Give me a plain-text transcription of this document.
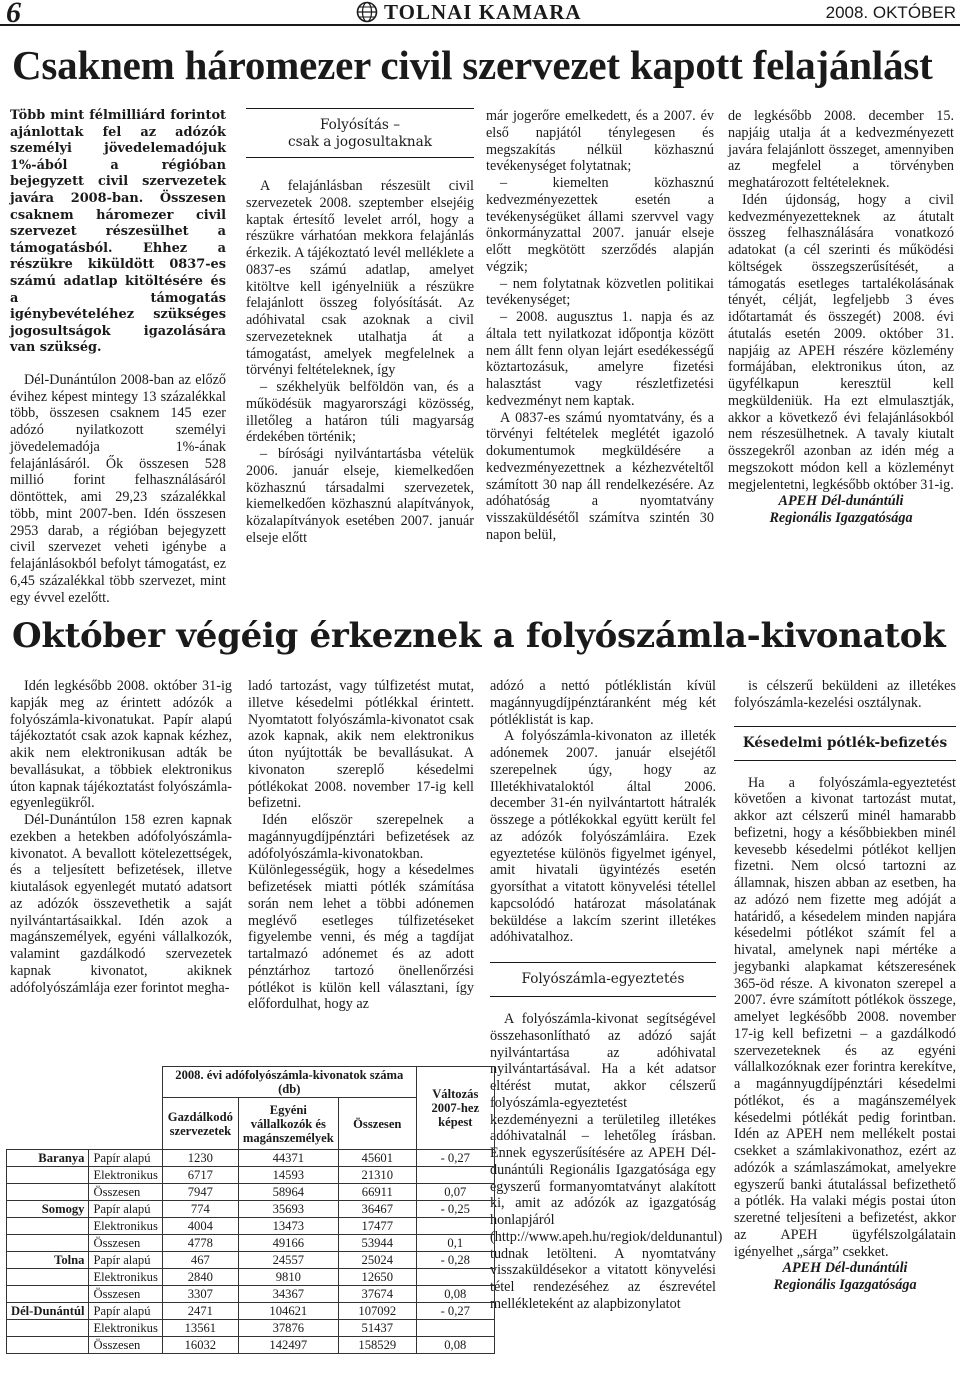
6	TOLNAI KAMARA	2008. OKTÓBER
Csaknem háromezer civil szervezet kapott felajánlást

Több mint félmilliárd forintot ajánlottak fel az adózók személyi jövedelemadójuk 1%-ából a régióban bejegyzett civil szervezetek javára 2008-ban. Összesen csaknem háromezer civil szervezet részesülhet a támogatásból. Ehhez a részükre kiküldött 0837-es számú adatlap kitöltésére és a támogatás igénybevételéhez szükséges jogosultságok igazolására van szükség.

Dél-Dunántúlon 2008-ban az előző évihez képest mintegy 13 százalékkal több, összesen csaknem 145 ezer adózó nyilatkozott személyi jövedelemadója 1%-ának felajánlásáról. Ők összesen 528 millió forint felhasználásáról döntöttek, ami 29,23 százalékkal több, mint 2007-ben. Idén összesen 2953 darab, a régióban bejegyzett civil szervezet veheti igénybe a felajánlásokból befolyt támogatást, ez 6,45 százalékkal több szervezet, mint egy évvel ezelőtt.

Folyósítás –
csak a jogosultaknak

A felajánlásban részesült civil szervezetek 2008. szeptember elsejéig kaptak értesítő levelet arról, hogy a részükre várhatóan mekkora felajánlás érkezik. A tájékoztató levél melléklete a 0837-es számú adatlap, amelyet kitöltve kell igényelniük a részükre felajánlott összeg folyósítását. Az adóhivatal csak azoknak a civil szervezeteknek utalhatja át a támogatást, amelyek megfelelnek a törvényi feltételeknek, így

– székhelyük belföldön van, és a működésük magyarországi közösség, illetőleg a határon túli magyarság érdekében történik;

– bírósági nyilvántartásba vételük 2006. január elseje, kiemelkedően közhasznú társadalmi szervezetek, kiemelkedően közhasznú alapítványok, közalapítványok esetében 2007. január elseje előtt

már jogerőre emelkedett, és a 2007. év első napjától ténylegesen és megszakítás nélkül közhasznú tevékenységet folytatnak;

– kiemelten közhasznú kedvezményezettek esetén a tevékenységüket állami szervvel vagy önkormányzattal 2007. január elseje előtt megkötött szerződés alapján végzik;

– nem folytatnak közvetlen politikai tevékenységet;

– 2008. augusztus 1. napja és az általa tett nyilatkozat időpontja között nem állt fenn olyan lejárt esedékességű köztartozásuk, amelyre fizetési halasztást vagy részletfizetési kedvezményt nem kaptak.

A 0837-es számú nyomtatvány, és a törvényi feltételek meglétét igazoló dokumentumok megküldésére a kedvezményezettnek a kézhezvételtől számított 30 nap áll rendelkezésére. Az adóhatóság a nyomtatvány visszaküldésétől számítva szintén 30 napon belül,

de legkésőbb 2008. december 15. napjáig utalja át a kedvezményezett javára felajánlott összeget, amennyiben az megfelel a törvényben meghatározott feltételeknek.

Idén újdonság, hogy a civil kedvezményezetteknek az átutalt összeg felhasználására vonatkozó adatokat (a cél szerinti és működési költségek összegszerűsítését, a támogatás esetleges tartalékolásának tényét, célját, legfeljebb 3 éves időtartamát és összegét) 2008. évi átutalás esetén 2009. október 31. napjáig az APEH részére közlemény formájában, elektronikus úton, az ügyfélkapun keresztül kell megküldeniük. Ha ezt elmulasztják, akkor a következő évi felajánlásokból nem részesülhetnek. A tavaly kiutalt összegekről azonban az idén még a megszokott módon kell a közleményt megjelentetni, legkésőbb október 31-ig.

APEH Dél-dunántúli

Regionális Igazgatósága

Október végéig érkeznek a folyószámla-kivonatok

Idén legkésőbb 2008. október 31-ig kapják meg az érintett adózók a folyószámla-kivonatukat. Papír alapú tájékoztatót csak azok kapnak kézhez, akik nem elektronikusan adták be bevallásukat, a többiek elektronikus úton kapnak tájékoztatást folyószámla-egyenlegükről.

Dél-Dunántúlon 158 ezren kapnak ezekben a hetekben adófolyószámla-kivonatot. A bevallott kötelezettségek, és a teljesített befizetések, illetve kiutalások egyenlegét mutató adatsort az adózók összevethetik a saját nyilvántartásaikkal. Idén azok a magánszemélyek, egyéni vállalkozók, valamint gazdálkodó szervezetek kapnak kivonatot, akiknek adófolyószámlája ezer forintot megha-

ladó tartozást, vagy túlfizetést mutat, illetve késedelmi pótlékkal érintett. Nyomtatott folyószámla-kivonatot csak azok kapnak, akik nem elektronikus úton nyújtották be bevallásukat. A kivonaton szereplő késedelmi pótlékokat 2008. november 17-ig kell befizetni.

Idén először szerepelnek a magánnyugdíjpénztári befizetések az adófolyószámla-kivonatokban. Különlegességük, hogy a késedelmes befizetések miatti pótlék számítása során nem lehet a többi adónemen meglévő esetleges túlfizetéseket figyelembe venni, és még a tagdíjat tartalmazó adónemet és az adott pénztárhoz tartozó önellenőrzési pótlékot is külön kell választani, így előfordulhat, hogy az

adózó a nettó pótléklistán kívül magánnyugdíjpénztáranként még két pótléklistát is kap.

A folyószámla-kivonaton az illeték adónemek 2007. január elsejétől szerepelnek úgy, hogy az Illetékhivataloktól által 2006. december 31-én nyilvántartott hátralék összege a pótlékokkal együtt került fel az adózók folyószámláira. Ezek egyeztetése különös figyelmet igényel, amit hivatali ügyintézés esetén gyorsíthat a vitatott könyvelési tétellel kapcsolódó határozat másolatának beküldése a lakcím szerint illetékes adóhivatalhoz.

Folyószámla-egyeztetés

A folyószámla-kivonat segítségével összehasonlítható az adózó saját nyilvántartása az adóhivatal nyilvántartásával. Ha a két adatsor eltérést mutat, akkor célszerű folyószámla-egyeztetést kezdeményezni a területileg illetékes adóhivatalnál – lehetőleg írásban. Ennek egyszerűsítésére az APEH Dél-dunántúli Regionális Igazgatósága egy egyszerű formanyomtatványt alakított ki, amit az adózók az igazgatóság honlapjáról (http://www.apeh.hu/regiok/deldunantul) tudnak letölteni. A nyomtatvány visszaküldésekor a vitatott könyvelési tétel rendezéséhez az észrevétel mellékleteként az alapbizonylatot

is célszerű beküldeni az illetékes folyószámla-kezelési osztálynak.

Késedelmi pótlék-befizetés

Ha a folyószámla-egyeztetést követően a kivonat tartozást mutat, akkor azt célszerű minél hamarabb befizetni, hogy a későbbiekben minél kevesebb késedelmi pótlékot kelljen fizetni. Nem olcsó tartozni az államnak, hiszen abban az esetben, ha az adózó nem fizette meg adóját a határidő, a késedelem minden napjára késedelmi pótlékot számít fel a hivatal, amelynek napi mértéke a jegybanki alapkamat kétszeresének 365-öd része. A kivonaton szerepel a 2007. évre számított pótlékok összege, amelyet legkésőbb 2008. november 17-ig kell befizetni – a gazdálkodó szervezeteknek és az egyéni vállalkozóknak ezer forintra kerekítve, a magánnyugdíjpénztári késedelmi pótlékot, és a magánszemélyek késedelmi pótlékát pedig forintban. Idén az APEH nem mellékelt postai csekket a számlakivonathoz, ezért az adózók a számlaszámokat, amelyekre egyszerű banki átutalással befizethető a pótlék. Ha valaki mégis postai úton szeretné teljesíteni a befizetést, akkor az APEH ügyfélszolgálatain igényelhet „sárga” csekket.

APEH Dél-dunántúli

Regionális Igazgatósága

		2008. évi adófolyószámla-kivonatok száma (db)			Változás 2007-hez képest
		Gazdálkodó szervezetek	Egyéni vállalkozók és magánszemélyek	Összesen	
Baranya	Papír alapú	1230	44371	45601	- 0,27
	Elektronikus	6717	14593	21310	
	Összesen	7947	58964	66911	0,07
Somogy	Papír alapú	774	35693	36467	- 0,25
	Elektronikus	4004	13473	17477	
	Összesen	4778	49166	53944	0,1
Tolna	Papír alapú	467	24557	25024	- 0,28
	Elektronikus	2840	9810	12650	
	Összesen	3307	34367	37674	0,08
Dél-Dunántúl	Papír alapú	2471	104621	107092	- 0,27
	Elektronikus	13561	37876	51437	
	Összesen	16032	142497	158529	0,08
